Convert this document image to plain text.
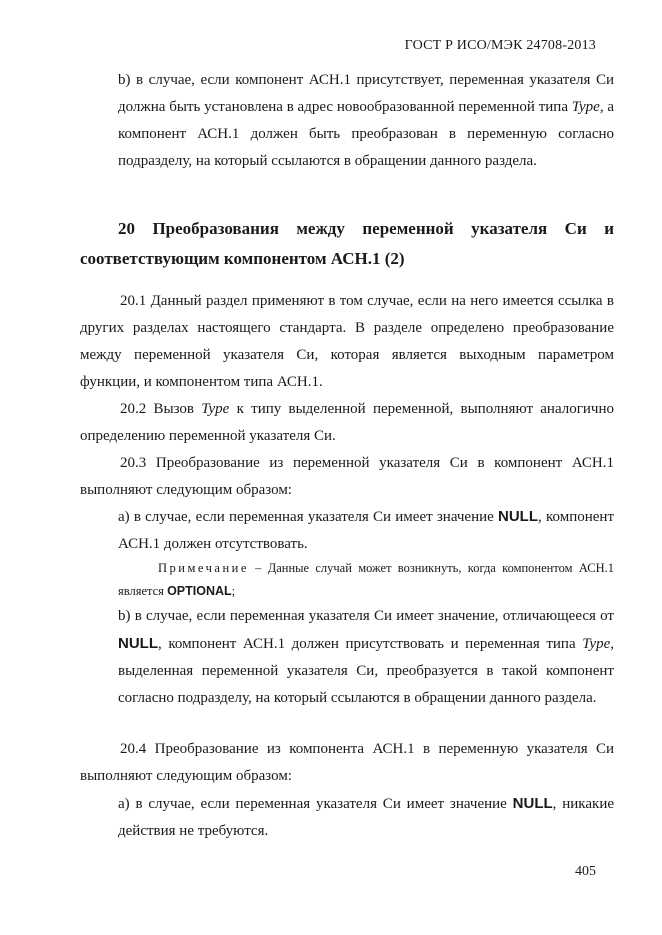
ГОСТ Р ИСО/МЭК 24708-2013

b) в случае, если компонент АСН.1 присутствует, переменная указателя Си должна быть установлена в адрес новообразованной переменной типа Type, а компонент АСН.1 должен быть преобразован в переменную согласно подразделу, на который ссылаются в обращении данного раздела.

20 Преобразования между переменной указателя Си и соответствующим компонентом АСН.1 (2)

20.1 Данный раздел применяют в том случае, если на него имеется ссылка в других разделах настоящего стандарта. В разделе определено преобразование между переменной указателя Си, которая является выходным параметром функции, и компонентом типа АСН.1.

20.2 Вызов Type к типу выделенной переменной, выполняют аналогично определению переменной указателя Си.

20.3 Преобразование из переменной указателя Си в компонент АСН.1 выполняют следующим образом:

а) в случае, если переменная указателя Си имеет значение NULL, компонент АСН.1 должен отсутствовать.

Примечание – Данные случай может возникнуть, когда компонентом АСН.1 является OPTIONAL;

b) в случае, если переменная указателя Си имеет значение, отличающееся от NULL, компонент АСН.1 должен присутствовать и переменная типа Type, выделенная переменной указателя Си, преобразуется в такой компонент согласно подразделу, на который ссылаются в обращении данного раздела.

20.4 Преобразование из компонента АСН.1 в переменную указателя Си выполняют следующим образом:

а) в случае, если переменная указателя Си имеет значение NULL, никакие действия не требуются.

405
